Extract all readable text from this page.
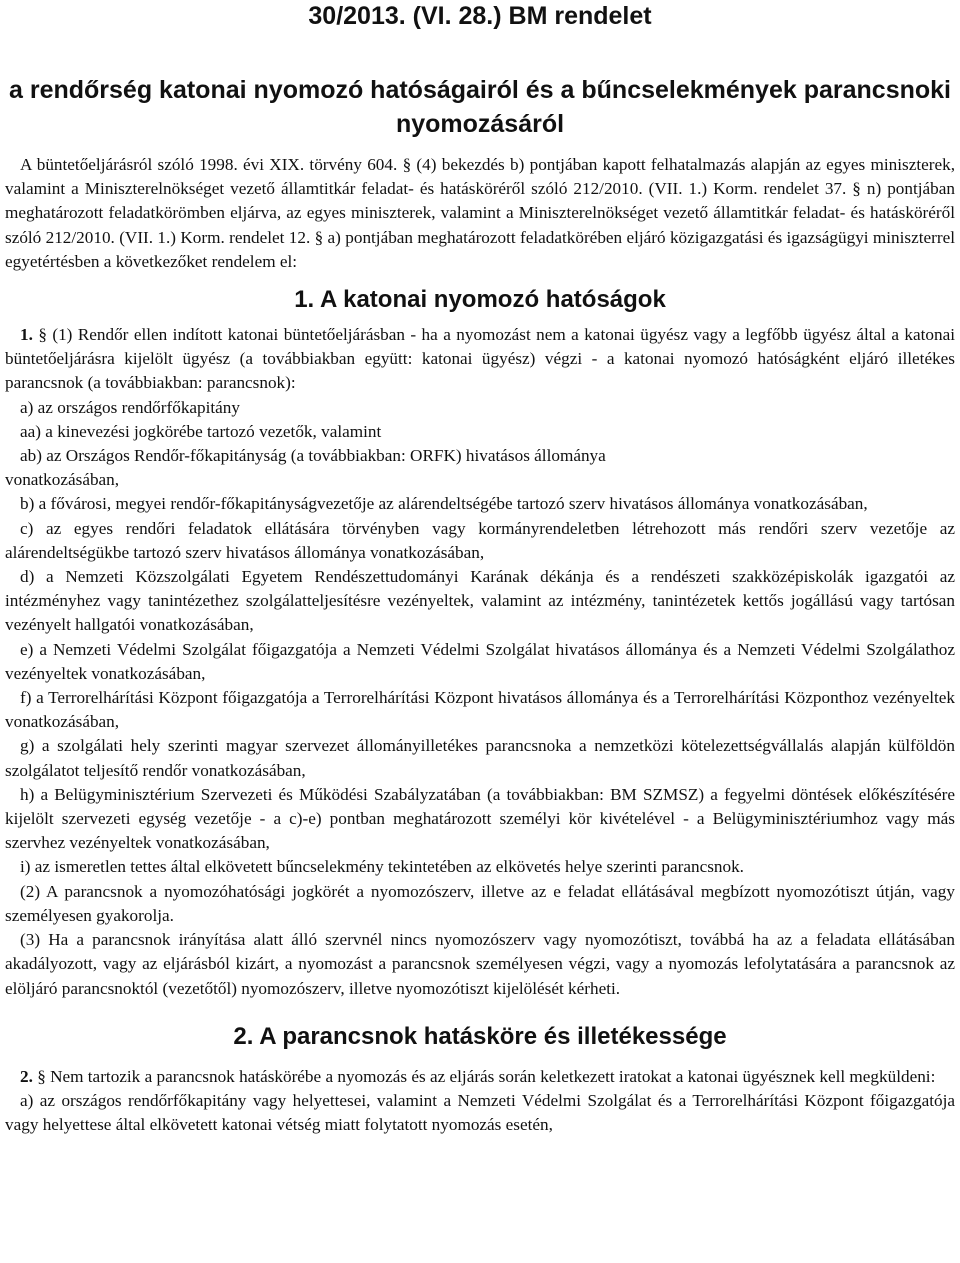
30/2013. (VI. 28.) BM rendelet
a rendőrség katonai nyomozó hatóságairól és a bűncselekmények parancsnoki nyomozásáról

A büntetőeljárásról szóló 1998. évi XIX. törvény 604. § (4) bekezdés b) pontjában kapott felhatalmazás alapján az egyes miniszterek, valamint a Miniszterelnökséget vezető államtitkár feladat- és hatásköréről szóló 212/2010. (VII. 1.) Korm. rendelet 37. § n) pontjában meghatározott feladatkörömben eljárva, az egyes miniszterek, valamint a Miniszterelnökséget vezető államtitkár feladat- és hatásköréről szóló 212/2010. (VII. 1.) Korm. rendelet 12. § a) pontjában meghatározott feladatkörében eljáró közigazgatási és igazságügyi miniszterrel egyetértésben a következőket rendelem el:

1. A katonai nyomozó hatóságok

1. § (1) Rendőr ellen indított katonai büntetőeljárásban - ha a nyomozást nem a katonai ügyész vagy a legfőbb ügyész által a katonai büntetőeljárásra kijelölt ügyész (a továbbiakban együtt: katonai ügyész) végzi - a katonai nyomozó hatóságként eljáró illetékes parancsnok (a továbbiakban: parancsnok):

a) az országos rendőrfőkapitány

aa) a kinevezési jogkörébe tartozó vezetők, valamint

ab) az Országos Rendőr-főkapitányság (a továbbiakban: ORFK) hivatásos állománya

vonatkozásában,

b) a fővárosi, megyei rendőr-főkapitányságvezetője az alárendeltségébe tartozó szerv hivatásos állománya vonatkozásában,

c) az egyes rendőri feladatok ellátására törvényben vagy kormányrendeletben létrehozott más rendőri szerv vezetője az alárendeltségükbe tartozó szerv hivatásos állománya vonatkozásában,

d) a Nemzeti Közszolgálati Egyetem Rendészettudományi Karának dékánja és a rendészeti szakközépiskolák igazgatói az intézményhez vagy tanintézethez szolgálatteljesítésre vezényeltek, valamint az intézmény, tanintézetek kettős jogállású vagy tartósan vezényelt hallgatói vonatkozásában,

e) a Nemzeti Védelmi Szolgálat főigazgatója a Nemzeti Védelmi Szolgálat hivatásos állománya és a Nemzeti Védelmi Szolgálathoz vezényeltek vonatkozásában,

f) a Terrorelhárítási Központ főigazgatója a Terrorelhárítási Központ hivatásos állománya és a Terrorelhárítási Központhoz vezényeltek vonatkozásában,

g) a szolgálati hely szerinti magyar szervezet állományilletékes parancsnoka a nemzetközi kötelezettségvállalás alapján külföldön szolgálatot teljesítő rendőr vonatkozásában,

h) a Belügyminisztérium Szervezeti és Működési Szabályzatában (a továbbiakban: BM SZMSZ) a fegyelmi döntések előkészítésére kijelölt szervezeti egység vezetője - a c)-e) pontban meghatározott személyi kör kivételével - a Belügyminisztériumhoz vagy más szervhez vezényeltek vonatkozásában,

i) az ismeretlen tettes által elkövetett bűncselekmény tekintetében az elkövetés helye szerinti parancsnok.

(2) A parancsnok a nyomozóhatósági jogkörét a nyomozószerv, illetve az e feladat ellátásával megbízott nyomozótiszt útján, vagy személyesen gyakorolja.

(3) Ha a parancsnok irányítása alatt álló szervnél nincs nyomozószerv vagy nyomozótiszt, továbbá ha az a feladata ellátásában akadályozott, vagy az eljárásból kizárt, a nyomozást a parancsnok személyesen végzi, vagy a nyomozás lefolytatására a parancsnok az elöljáró parancsnoktól (vezetőtől) nyomozószerv, illetve nyomozótiszt kijelölését kérheti.

2. A parancsnok hatásköre és illetékessége

2. § Nem tartozik a parancsnok hatáskörébe a nyomozás és az eljárás során keletkezett iratokat a katonai ügyésznek kell megküldeni:

a) az országos rendőrfőkapitány vagy helyettesei, valamint a Nemzeti Védelmi Szolgálat és a Terrorelhárítási Központ főigazgatója vagy helyettese által elkövetett katonai vétség miatt folytatott nyomozás esetén,
